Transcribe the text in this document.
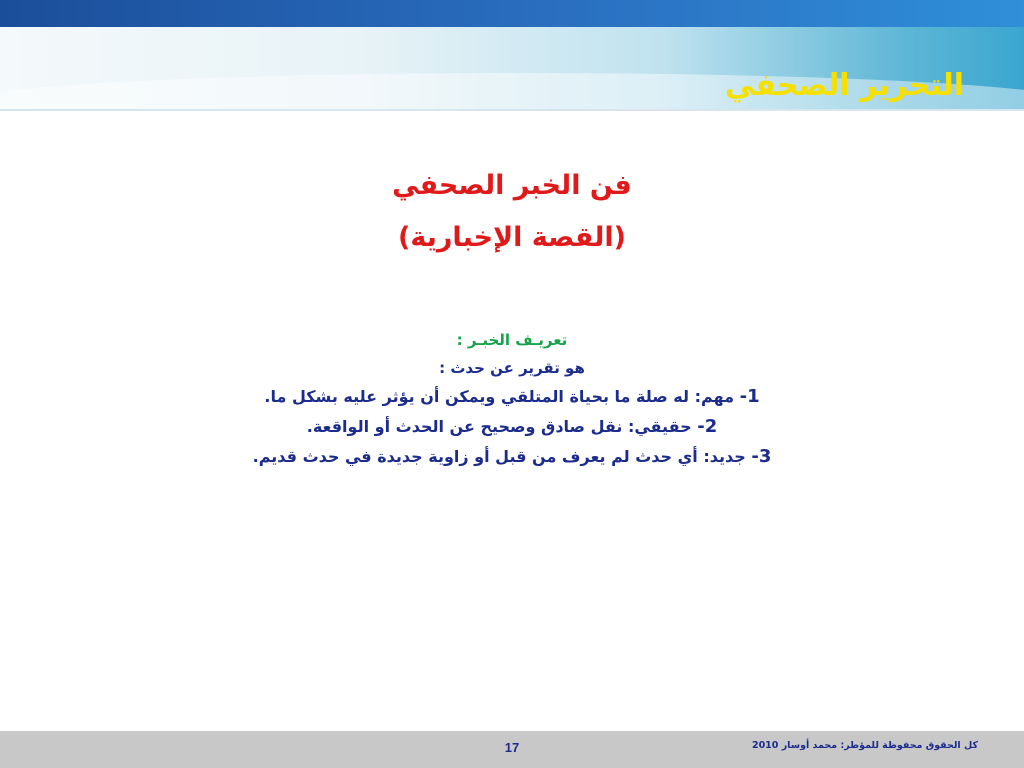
التحرير الصحفي
فن الخبر الصحفي
(القصة الإخبارية)
تعريـف الخبـر :
هو تقرير عن حدث :
1- مهم: له صلة ما بحياة المتلقي ويمكن أن يؤثر عليه بشكل ما.
2- حقيقي: نقل صادق وصحيح عن الحدث أو الواقعة.
3- جديد: أي حدث لم يعرف من قبل أو زاوية جديدة في حدث قديم.
17	كل الحقوق محفوظة للمؤطر: محمد أوسار 2010
